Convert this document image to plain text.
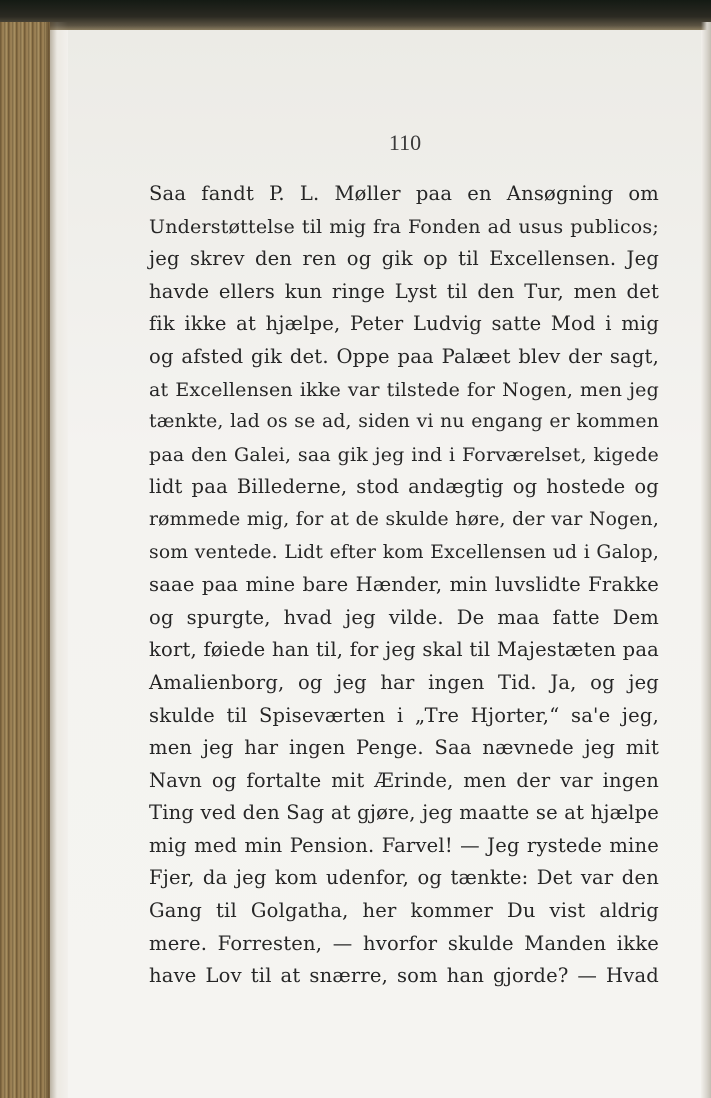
110
Saa fandt P. L. Møller paa en Ansøgning om
Understøttelse til mig fra Fonden ad usus publicos;
jeg skrev den ren og gik op til Excellensen. Jeg
havde ellers kun ringe Lyst til den Tur, men det
fik ikke at hjælpe, Peter Ludvig satte Mod i mig
og afsted gik det. Oppe paa Palæet blev der sagt,
at Excellensen ikke var tilstede for Nogen, men jeg
tænkte, lad os se ad, siden vi nu engang er kommen
paa den Galei, saa gik jeg ind i Forværelset, kigede
lidt paa Billederne, stod andægtig og hostede og
rømmede mig, for at de skulde høre, der var Nogen,
som ventede. Lidt efter kom Excellensen ud i Galop,
saae paa mine bare Hænder, min luvslidte Frakke
og spurgte, hvad jeg vilde. De maa fatte Dem
kort, føiede han til, for jeg skal til Majestæten paa
Amalienborg, og jeg har ingen Tid. Ja, og jeg
skulde til Spiseværten i „Tre Hjorter,“ sa'e jeg,
men jeg har ingen Penge. Saa nævnede jeg mit
Navn og fortalte mit Ærinde, men der var ingen
Ting ved den Sag at gjøre, jeg maatte se at hjælpe
mig med min Pension. Farvel! — Jeg rystede mine
Fjer, da jeg kom udenfor, og tænkte: Det var den
Gang til Golgatha, her kommer Du vist aldrig
mere. Forresten, — hvorfor skulde Manden ikke
have Lov til at snærre, som han gjorde? — Hvad
